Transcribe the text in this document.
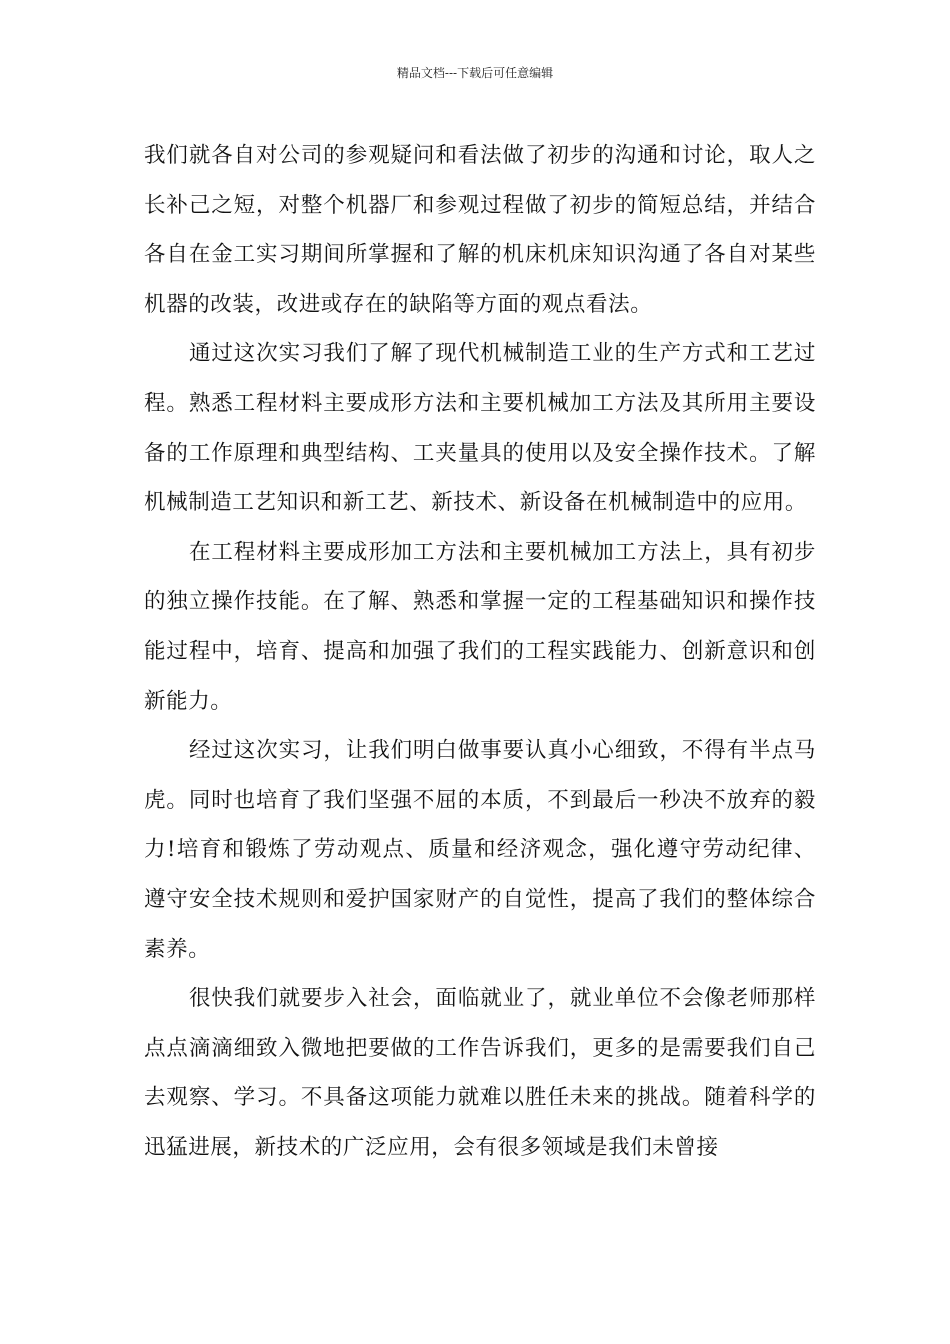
精品文档---下载后可任意编辑

我们就各自对公司的参观疑问和看法做了初步的沟通和讨论，取人之长补己之短，对整个机器厂和参观过程做了初步的简短总结，并结合各自在金工实习期间所掌握和了解的机床机床知识沟通了各自对某些机器的改装，改进或存在的缺陷等方面的观点看法。

通过这次实习我们了解了现代机械制造工业的生产方式和工艺过程。熟悉工程材料主要成形方法和主要机械加工方法及其所用主要设备的工作原理和典型结构、工夹量具的使用以及安全操作技术。了解机械制造工艺知识和新工艺、新技术、新设备在机械制造中的应用。

在工程材料主要成形加工方法和主要机械加工方法上，具有初步的独立操作技能。在了解、熟悉和掌握一定的工程基础知识和操作技能过程中，培育、提高和加强了我们的工程实践能力、创新意识和创新能力。

经过这次实习，让我们明白做事要认真小心细致，不得有半点马虎。同时也培育了我们坚强不屈的本质，不到最后一秒决不放弃的毅力!培育和锻炼了劳动观点、质量和经济观念，强化遵守劳动纪律、遵守安全技术规则和爱护国家财产的自觉性，提高了我们的整体综合素养。

很快我们就要步入社会，面临就业了，就业单位不会像老师那样点点滴滴细致入微地把要做的工作告诉我们，更多的是需要我们自己去观察、学习。不具备这项能力就难以胜任未来的挑战。随着科学的迅猛进展，新技术的广泛应用，会有很多领域是我们未曾接
